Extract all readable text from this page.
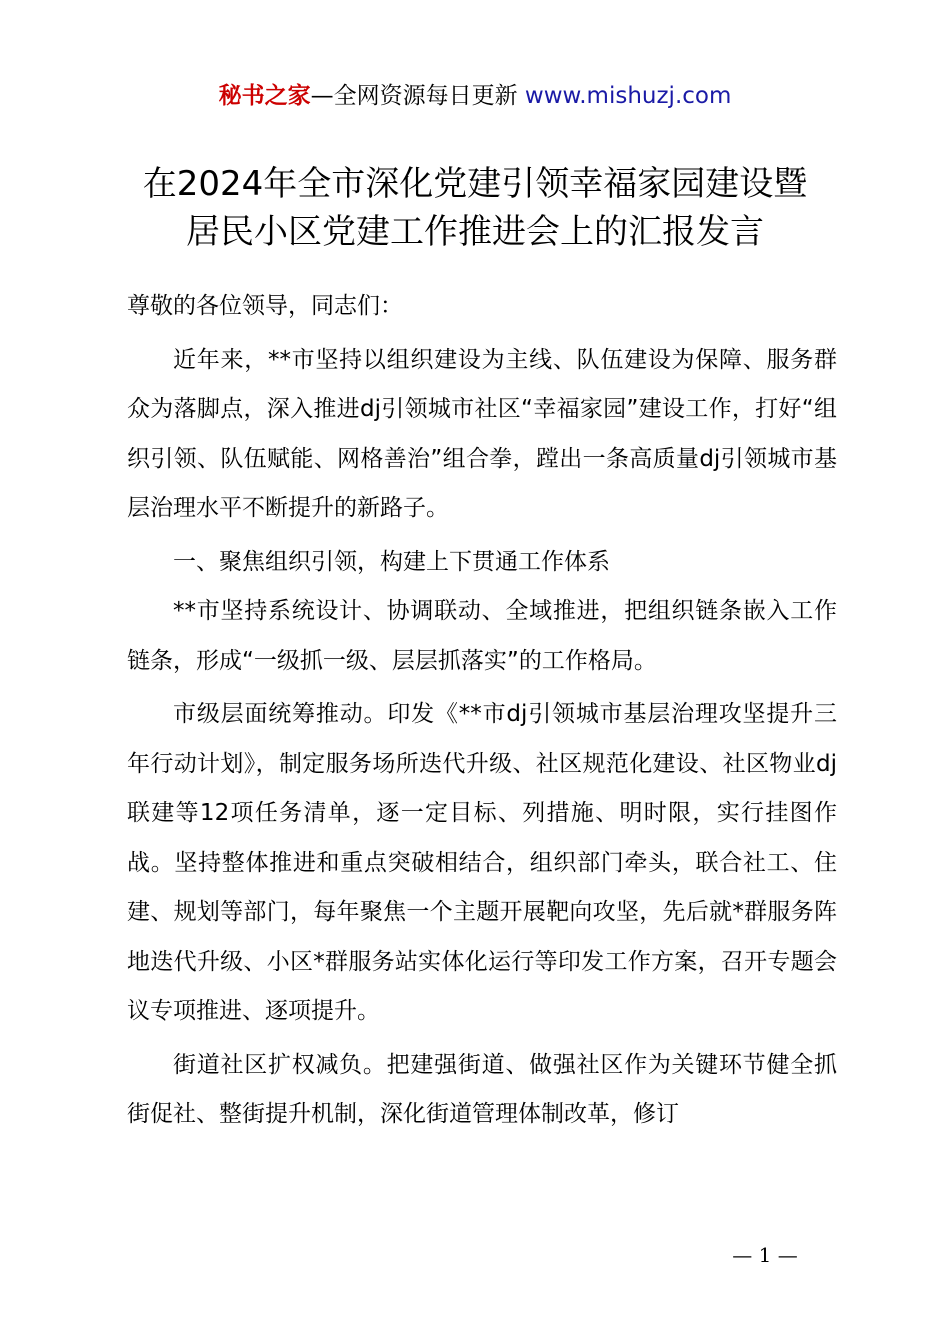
秘书之家—全网资源每日更新 www.mishuzj.com
在2024年全市深化党建引领幸福家园建设暨
居民小区党建工作推进会上的汇报发言

尊敬的各位领导，同志们：

近年来，**市坚持以组织建设为主线、队伍建设为保障、服务群众为落脚点，深入推进dj引领城市社区“幸福家园”建设工作，打好“组织引领、队伍赋能、网格善治”组合拳，蹚出一条高质量dj引领城市基层治理水平不断提升的新路子。

一、聚焦组织引领，构建上下贯通工作体系

**市坚持系统设计、协调联动、全域推进，把组织链条嵌入工作链条，形成“一级抓一级、层层抓落实”的工作格局。

市级层面统筹推动。印发《**市dj引领城市基层治理攻坚提升三年行动计划》，制定服务场所迭代升级、社区规范化建设、社区物业dj联建等12项任务清单，逐一定目标、列措施、明时限，实行挂图作战。坚持整体推进和重点突破相结合，组织部门牵头，联合社工、住建、规划等部门，每年聚焦一个主题开展靶向攻坚，先后就*群服务阵地迭代升级、小区*群服务站实体化运行等印发工作方案，召开专题会议专项推进、逐项提升。

街道社区扩权减负。把建强街道、做强社区作为关键环节健全抓街促社、整街提升机制，深化街道管理体制改革，修订

— 1 —
